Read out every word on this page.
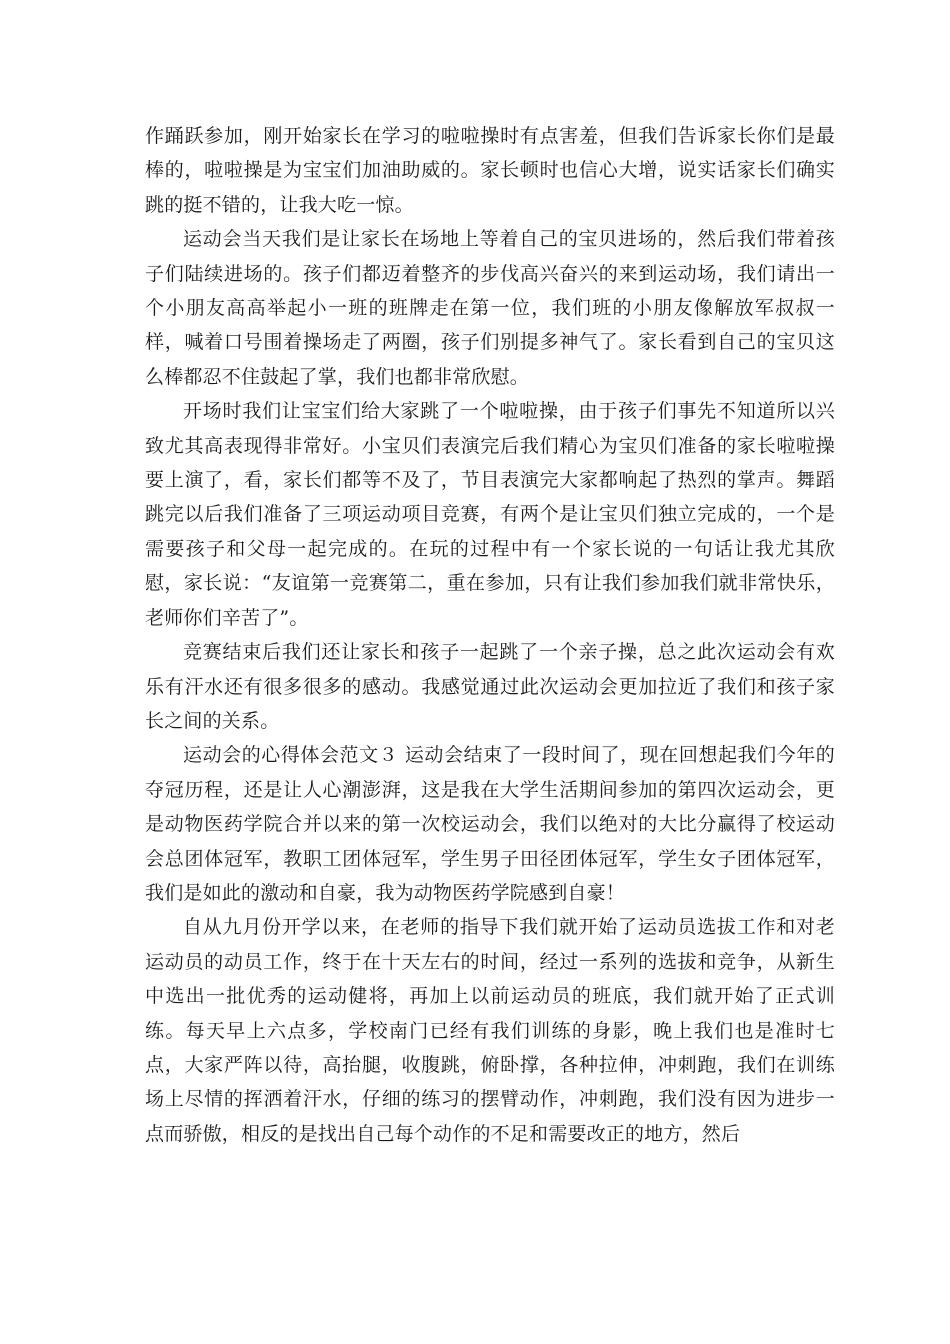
作踊跃参加，刚开始家长在学习的啦啦操时有点害羞，但我们告诉家长你们是最棒的，啦啦操是为宝宝们加油助威的。家长顿时也信心大增，说实话家长们确实跳的挺不错的，让我大吃一惊。

运动会当天我们是让家长在场地上等着自己的宝贝进场的，然后我们带着孩子们陆续进场的。孩子们都迈着整齐的步伐高兴奋兴的来到运动场，我们请出一个小朋友高高举起小一班的班牌走在第一位，我们班的小朋友像解放军叔叔一样，喊着口号围着操场走了两圈，孩子们别提多神气了。家长看到自己的宝贝这么棒都忍不住鼓起了掌，我们也都非常欣慰。

开场时我们让宝宝们给大家跳了一个啦啦操，由于孩子们事先不知道所以兴致尤其高表现得非常好。小宝贝们表演完后我们精心为宝贝们准备的家长啦啦操要上演了，看，家长们都等不及了，节目表演完大家都响起了热烈的掌声。舞蹈跳完以后我们准备了三项运动项目竞赛，有两个是让宝贝们独立完成的，一个是需要孩子和父母一起完成的。在玩的过程中有一个家长说的一句话让我尤其欣慰，家长说：“友谊第一竞赛第二，重在参加，只有让我们参加我们就非常快乐，老师你们辛苦了”。

竞赛结束后我们还让家长和孩子一起跳了一个亲子操，总之此次运动会有欢乐有汗水还有很多很多的感动。我感觉通过此次运动会更加拉近了我们和孩子家长之间的关系。

运动会的心得体会范文３ 运动会结束了一段时间了，现在回想起我们今年的夺冠历程，还是让人心潮澎湃，这是我在大学生活期间参加的第四次运动会，更是动物医药学院合并以来的第一次校运动会，我们以绝对的大比分赢得了校运动会总团体冠军，教职工团体冠军，学生男子田径团体冠军，学生女子团体冠军，我们是如此的激动和自豪，我为动物医药学院感到自豪！

自从九月份开学以来，在老师的指导下我们就开始了运动员选拔工作和对老运动员的动员工作，终于在十天左右的时间，经过一系列的选拔和竞争，从新生中选出一批优秀的运动健将，再加上以前运动员的班底，我们就开始了正式训练。每天早上六点多，学校南门已经有我们训练的身影，晚上我们也是准时七点，大家严阵以待，高抬腿，收腹跳，俯卧撑，各种拉伸，冲刺跑，我们在训练场上尽情的挥洒着汗水，仔细的练习的摆臂动作，冲刺跑，我们没有因为进步一点而骄傲，相反的是找出自己每个动作的不足和需要改正的地方，然后
